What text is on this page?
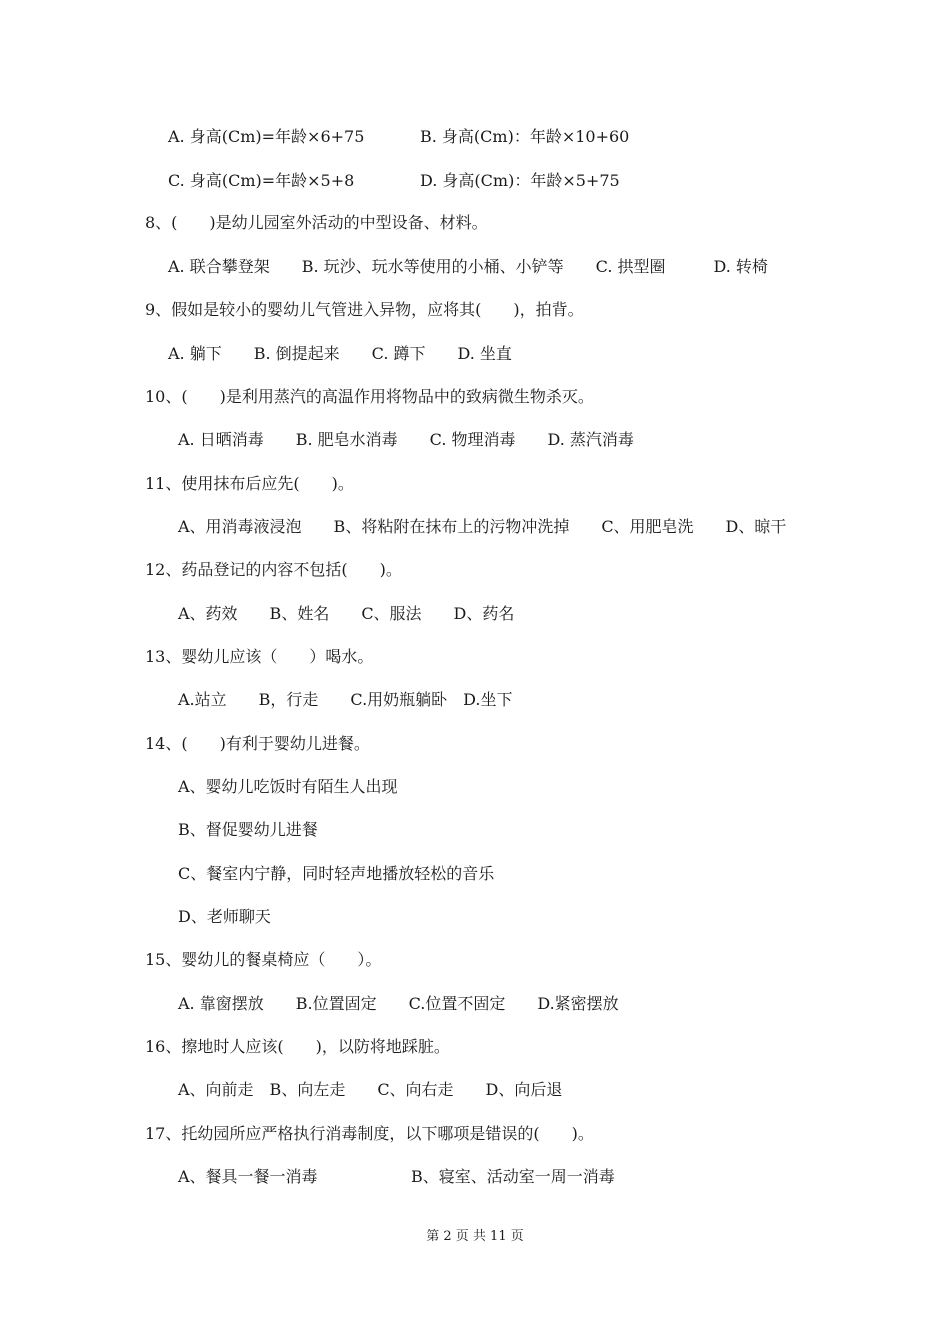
A. 身高(Cm)=年龄×6+75	B. 身高(Cm)：年龄×10+60
C. 身高(Cm)=年龄×5+8	D. 身高(Cm)：年龄×5+75
8、(　　)是幼儿园室外活动的中型设备、材料。
A. 联合攀登架　　B. 玩沙、玩水等使用的小桶、小铲等　　C. 拱型圈　　　D. 转椅
9、假如是较小的婴幼儿气管进入异物，应将其(　　)，拍背。
A. 躺下　　B. 倒提起来　　C. 蹲下　　D. 坐直
10、(　　)是利用蒸汽的高温作用将物品中的致病微生物杀灭。
A. 日晒消毒　　B. 肥皂水消毒　　C. 物理消毒　　D. 蒸汽消毒
11、使用抹布后应先(　　)。
A、用消毒液浸泡　　B、将粘附在抹布上的污物冲洗掉　　C、用肥皂洗　　D、晾干
12、药品登记的内容不包括(　　)。
A、药效　　B、姓名　　C、服法　　D、药名
13、婴幼儿应该（　　）喝水。
A.站立　　B，行走　　C.用奶瓶躺卧　D.坐下
14、(　　)有利于婴幼儿进餐。
A、婴幼儿吃饭时有陌生人出现
B、督促婴幼儿进餐
C、餐室内宁静，同时轻声地播放轻松的音乐
D、老师聊天
15、婴幼儿的餐桌椅应（　　）。
A. 靠窗摆放　　B.位置固定　　C.位置不固定　　D.紧密摆放
16、擦地时人应该(　　)，以防将地踩脏。
A、向前走　B、向左走　　C、向右走　　D、向后退
17、托幼园所应严格执行消毒制度，以下哪项是错误的(　　)。
A、餐具一餐一消毒	B、寝室、活动室一周一消毒
第 2 页 共 11 页
